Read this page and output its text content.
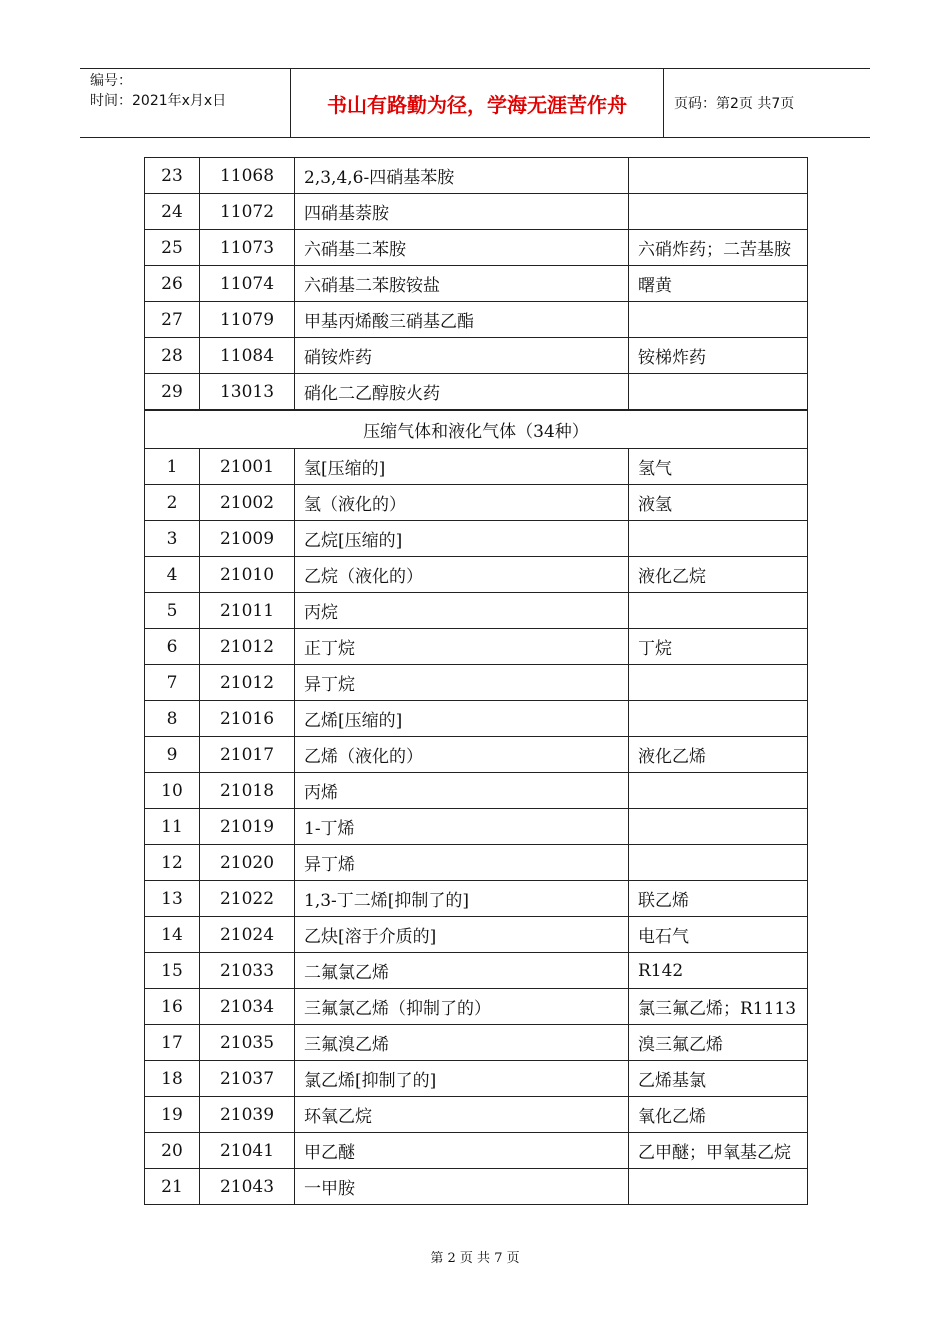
编号：
时间：2021年x月x日	书山有路勤为径，学海无涯苦作舟	页码：第2页 共7页
23	11068	2,3,4,6-四硝基苯胺	
24	11072	四硝基萘胺	
25	11073	六硝基二苯胺	六硝炸药；二苦基胺
26	11074	六硝基二苯胺铵盐	曙黄
27	11079	甲基丙烯酸三硝基乙酯	
28	11084	硝铵炸药	铵梯炸药
29	13013	硝化二乙醇胺火药	
压缩气体和液化气体（34种）			
1	21001	氢[压缩的]	氢气
2	21002	氢（液化的）	液氢
3	21009	乙烷[压缩的]	
4	21010	乙烷（液化的）	液化乙烷
5	21011	丙烷	
6	21012	正丁烷	丁烷
7	21012	异丁烷	
8	21016	乙烯[压缩的]	
9	21017	乙烯（液化的）	液化乙烯
10	21018	丙烯	
11	21019	1-丁烯	
12	21020	异丁烯	
13	21022	1,3-丁二烯[抑制了的]	联乙烯
14	21024	乙炔[溶于介质的]	电石气
15	21033	二氟氯乙烯	R142
16	21034	三氟氯乙烯（抑制了的）	氯三氟乙烯；R1113
17	21035	三氟溴乙烯	溴三氟乙烯
18	21037	氯乙烯[抑制了的]	乙烯基氯
19	21039	环氧乙烷	氧化乙烯
20	21041	甲乙醚	乙甲醚；甲氧基乙烷
21	21043	一甲胺	
第 2 页 共 7 页
